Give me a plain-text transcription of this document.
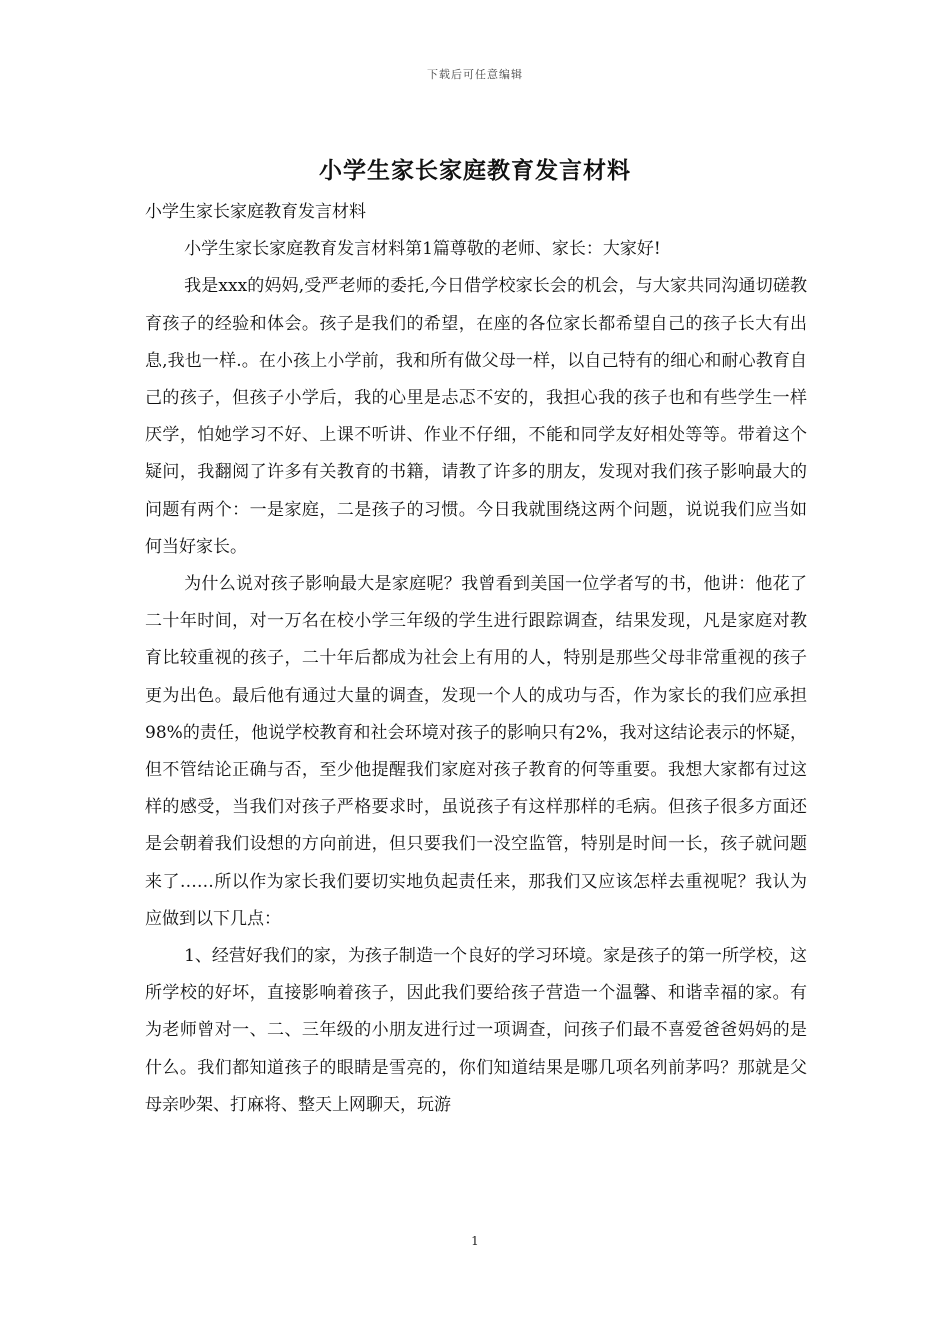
下载后可任意编辑
小学生家长家庭教育发言材料

小学生家长家庭教育发言材料

小学生家长家庭教育发言材料第1篇尊敬的老师、家长：大家好!

我是xxx的妈妈,受严老师的委托,今日借学校家长会的机会，与大家共同沟通切磋教育孩子的经验和体会。孩子是我们的希望，在座的各位家长都希望自己的孩子长大有出息,我也一样.。在小孩上小学前，我和所有做父母一样，以自己特有的细心和耐心教育自己的孩子，但孩子小学后，我的心里是忐忑不安的，我担心我的孩子也和有些学生一样厌学，怕她学习不好、上课不听讲、作业不仔细，不能和同学友好相处等等。带着这个疑问，我翻阅了许多有关教育的书籍，请教了许多的朋友，发现对我们孩子影响最大的问题有两个：一是家庭，二是孩子的习惯。今日我就围绕这两个问题，说说我们应当如何当好家长。

为什么说对孩子影响最大是家庭呢？我曾看到美国一位学者写的书，他讲：他花了二十年时间，对一万名在校小学三年级的学生进行跟踪调查，结果发现，凡是家庭对教育比较重视的孩子，二十年后都成为社会上有用的人，特别是那些父母非常重视的孩子更为出色。最后他有通过大量的调查，发现一个人的成功与否，作为家长的我们应承担98%的责任，他说学校教育和社会环境对孩子的影响只有2%，我对这结论表示的怀疑，但不管结论正确与否，至少他提醒我们家庭对孩子教育的何等重要。我想大家都有过这样的感受，当我们对孩子严格要求时，虽说孩子有这样那样的毛病。但孩子很多方面还是会朝着我们设想的方向前进，但只要我们一没空监管，特别是时间一长，孩子就问题来了……所以作为家长我们要切实地负起责任来，那我们又应该怎样去重视呢？我认为应做到以下几点：

1、经营好我们的家，为孩子制造一个良好的学习环境。家是孩子的第一所学校，这所学校的好坏，直接影响着孩子，因此我们要给孩子营造一个温馨、和谐幸福的家。有为老师曾对一、二、三年级的小朋友进行过一项调查，问孩子们最不喜爱爸爸妈妈的是什么。我们都知道孩子的眼睛是雪亮的，你们知道结果是哪几项名列前茅吗？那就是父母亲吵架、打麻将、整天上网聊天，玩游

1
